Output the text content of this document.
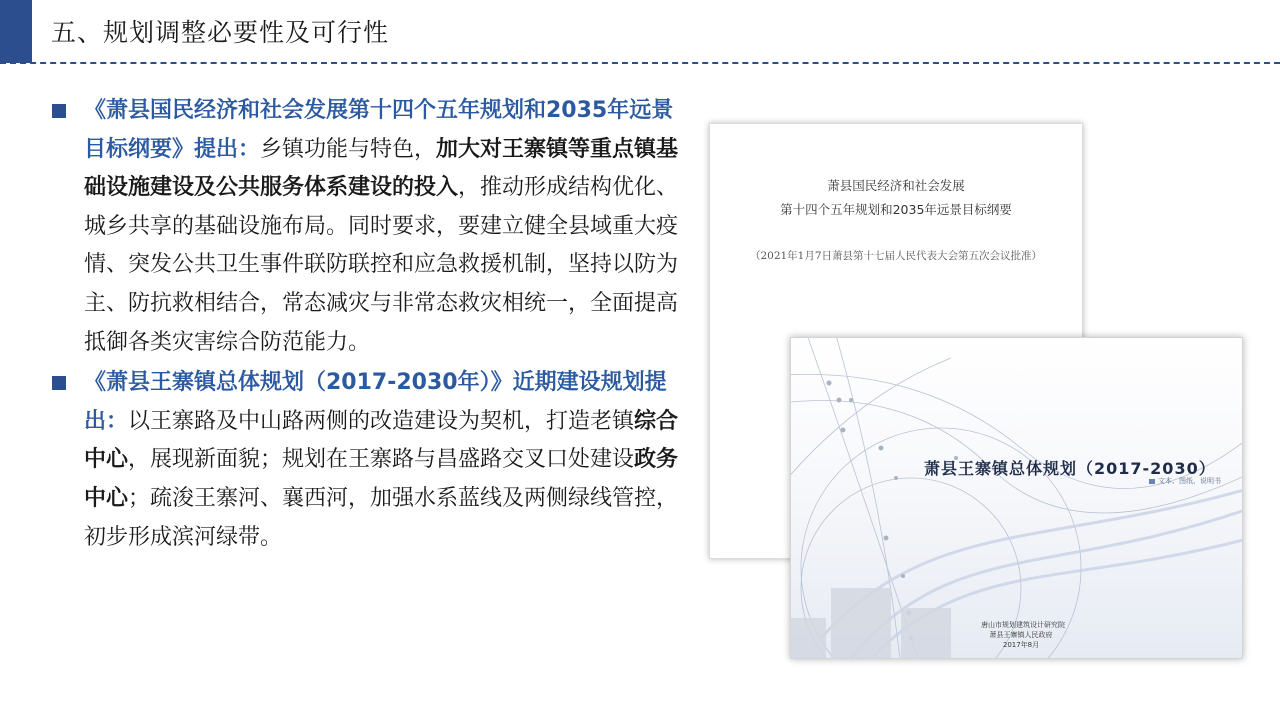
五、规划调整必要性及可行性
《萧县国民经济和社会发展第十四个五年规划和2035年远景目标纲要》提出：乡镇功能与特色，加大对王寨镇等重点镇基础设施建设及公共服务体系建设的投入，推动形成结构优化、城乡共享的基础设施布局。同时要求，要建立健全县域重大疫情、突发公共卫生事件联防联控和应急救援机制，坚持以防为主、防抗救相结合，常态减灾与非常态救灾相统一，全面提高抵御各类灾害综合防范能力。
《萧县王寨镇总体规划（2017-2030年）》近期建设规划提出：以王寨路及中山路两侧的改造建设为契机，打造老镇综合中心，展现新面貌；规划在王寨路与昌盛路交叉口处建设政务中心；疏浚王寨河、襄西河，加强水系蓝线及两侧绿线管控，初步形成滨河绿带。
萧县国民经济和社会发展
第十四个五年规划和2035年远景目标纲要
（2021年1月7日萧县第十七届人民代表大会第五次会议批准）
萧县王寨镇总体规划（2017-2030）
文本、图纸、说明书
唐山市规划建筑设计研究院
萧县王寨镇人民政府
2017年8月
